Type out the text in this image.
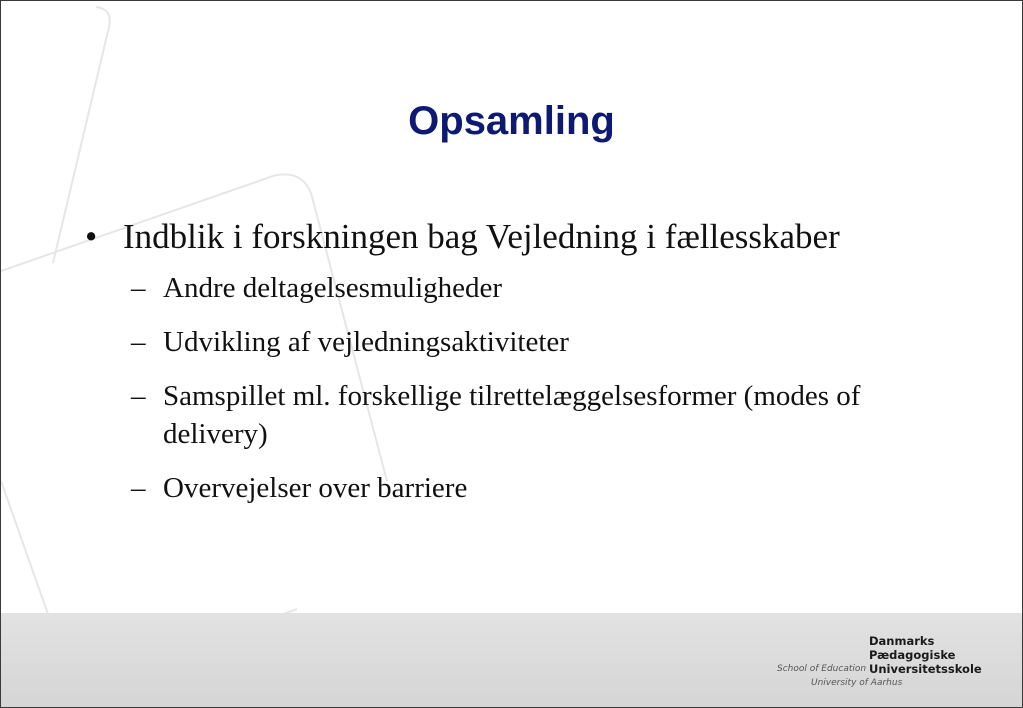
Opsamling
• Indblik i forskningen bag Vejledning i fællesskaber
– Andre deltagelsesmuligheder
– Udvikling af vejledningsaktiviteter
– Samspillet ml. forskellige tilrettelæggelsesformer (modes of delivery)
– Overvejelser over barriere
Danmarks
Pædagogiske
Universitetsskole
School of Education
University of Aarhus
